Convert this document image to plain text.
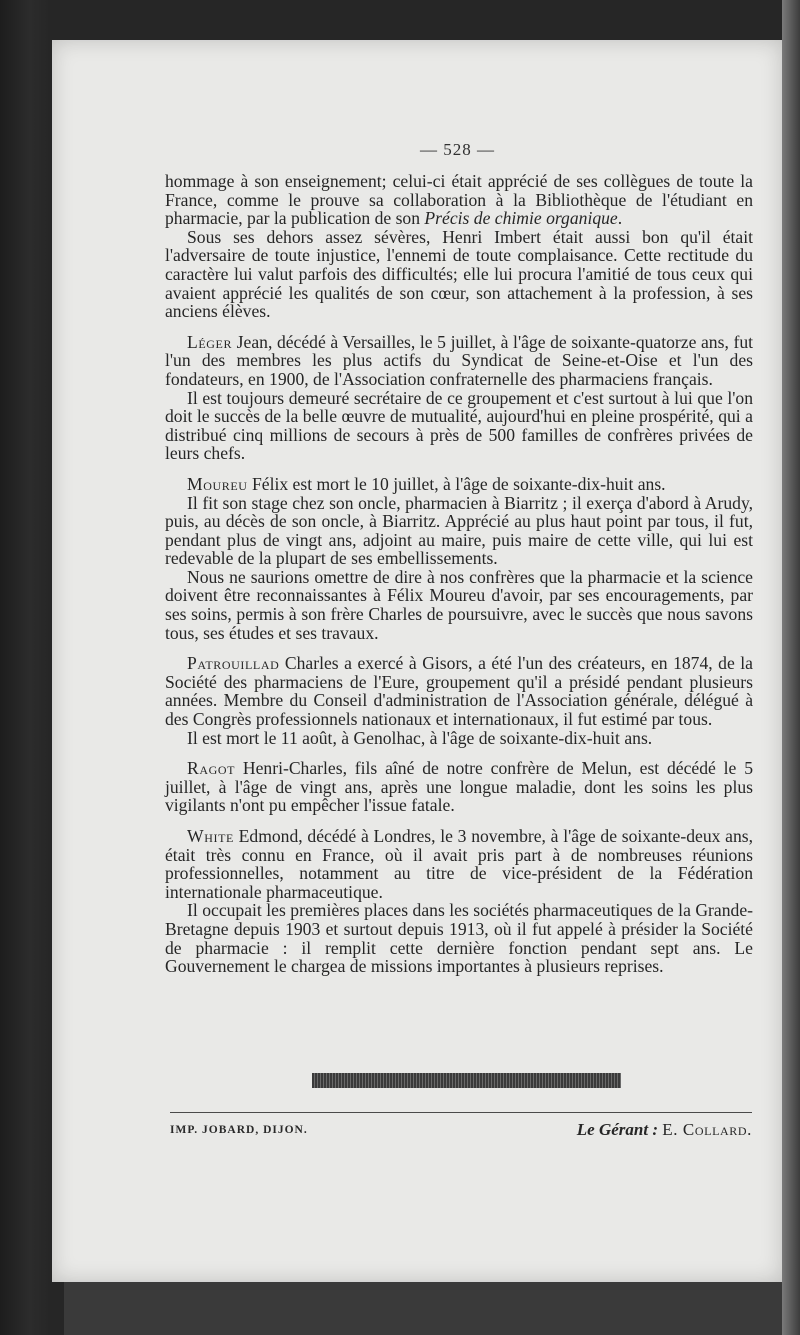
— 528 —

hommage à son enseignement; celui-ci était apprécié de ses collègues de toute la France, comme le prouve sa collaboration à la Bibliothèque de l'étudiant en pharmacie, par la publication de son Précis de chimie organique.

Sous ses dehors assez sévères, Henri Imbert était aussi bon qu'il était l'adversaire de toute injustice, l'ennemi de toute complaisance. Cette rectitude du caractère lui valut parfois des difficultés; elle lui procura l'amitié de tous ceux qui avaient apprécié les qualités de son cœur, son attachement à la profession, à ses anciens élèves.

Léger Jean, décédé à Versailles, le 5 juillet, à l'âge de soixante-quatorze ans, fut l'un des membres les plus actifs du Syndicat de Seine-et-Oise et l'un des fondateurs, en 1900, de l'Association confraternelle des pharmaciens français.

Il est toujours demeuré secrétaire de ce groupement et c'est surtout à lui que l'on doit le succès de la belle œuvre de mutualité, aujourd'hui en pleine prospérité, qui a distribué cinq millions de secours à près de 500 familles de confrères privées de leurs chefs.

Moureu Félix est mort le 10 juillet, à l'âge de soixante-dix-huit ans.

Il fit son stage chez son oncle, pharmacien à Biarritz ; il exerça d'abord à Arudy, puis, au décès de son oncle, à Biarritz. Apprécié au plus haut point par tous, il fut, pendant plus de vingt ans, adjoint au maire, puis maire de cette ville, qui lui est redevable de la plupart de ses embellissements.

Nous ne saurions omettre de dire à nos confrères que la pharmacie et la science doivent être reconnaissantes à Félix Moureu d'avoir, par ses encouragements, par ses soins, permis à son frère Charles de poursuivre, avec le succès que nous savons tous, ses études et ses travaux.

Patrouillad Charles a exercé à Gisors, a été l'un des créateurs, en 1874, de la Société des pharmaciens de l'Eure, groupement qu'il a présidé pendant plusieurs années. Membre du Conseil d'administration de l'Association générale, délégué à des Congrès professionnels nationaux et internationaux, il fut estimé par tous.

Il est mort le 11 août, à Genolhac, à l'âge de soixante-dix-huit ans.

Ragot Henri-Charles, fils aîné de notre confrère de Melun, est décédé le 5 juillet, à l'âge de vingt ans, après une longue maladie, dont les soins les plus vigilants n'ont pu empêcher l'issue fatale.

White Edmond, décédé à Londres, le 3 novembre, à l'âge de soixante-deux ans, était très connu en France, où il avait pris part à de nombreuses réunions professionnelles, notamment au titre de vice-président de la Fédération internationale pharmaceutique.

Il occupait les premières places dans les sociétés pharmaceutiques de la Grande-Bretagne depuis 1903 et surtout depuis 1913, où il fut appelé à présider la Société de pharmacie : il remplit cette dernière fonction pendant sept ans. Le Gouvernement le chargea de missions importantes à plusieurs reprises.

IMP. JOBARD, DIJON.	Le Gérant : E. Collard.
